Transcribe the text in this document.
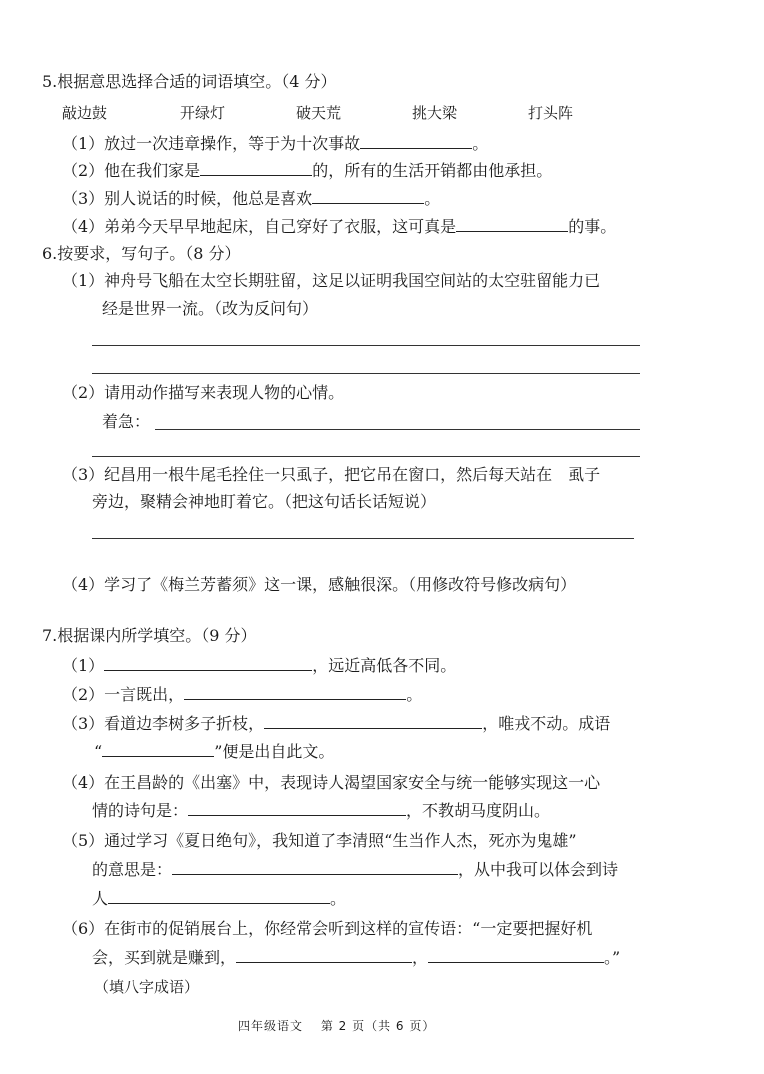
5.根据意思选择合适的词语填空。（4 分）
敲边鼓	开绿灯	破天荒	挑大梁	打头阵
（1）放过一次违章操作，等于为十次事故	。
（2）他在我们家是	的，所有的生活开销都由他承担。
（3）别人说话的时候，他总是喜欢	。
（4）弟弟今天早早地起床，自己穿好了衣服，这可真是	的事。
6.按要求，写句子。（8 分）
（1）神舟号飞船在太空长期驻留，这足以证明我国空间站的太空驻留能力已
经是世界一流。（改为反问句）
（2）请用动作描写来表现人物的心情。
着急：
（3）纪昌用一根牛尾毛拴住一只虱子，把它吊在窗口，然后每天站在　虱子
旁边，聚精会神地盯着它。（把这句话长话短说）
（4）学习了《梅兰芳蓄须》这一课，感触很深。（用修改符号修改病句）
7.根据课内所学填空。（9 分）
（1）	，远近高低各不同。
（2）一言既出，	。
（3）看道边李树多子折枝，	，唯戎不动。成语
“	”便是出自此文。
（4）在王昌龄的《出塞》中，表现诗人渴望国家安全与统一能够实现这一心
情的诗句是：	，不教胡马度阴山。
（5）通过学习《夏日绝句》，我知道了李清照“生当作人杰，死亦为鬼雄”
的意思是：	，从中我可以体会到诗
人	。
（6）在街市的促销展台上，你经常会听到这样的宣传语：“一定要把握好机
会，买到就是赚到，	，	。”
（填八字成语）
四年级语文　 第 2 页（共 6 页）
